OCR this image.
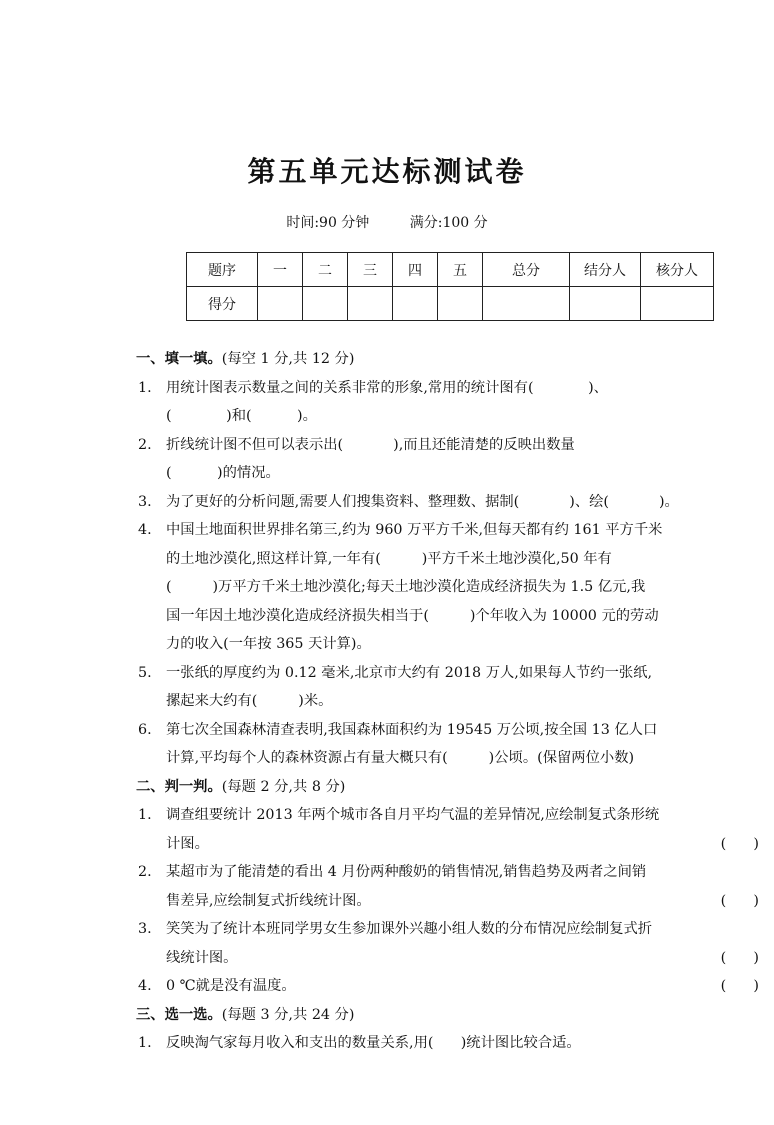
第五单元达标测试卷
时间:90 分钟	满分:100 分
题序	一	二	三	四	五	总分	结分人	核分人
得分								
一、填一填。(每空 1 分,共 12 分)
1. 用统计图表示数量之间的关系非常的形象,常用的统计图有(            )、
(            )和(          )。
2. 折线统计图不但可以表示出(           ),而且还能清楚的反映出数量
(          )的情况。
3. 为了更好的分析问题,需要人们搜集资料、整理数、据制(           )、绘(           )。
4. 中国土地面积世界排名第三,约为 960 万平方千米,但每天都有约 161 平方千米
的土地沙漠化,照这样计算,一年有(         )平方千米土地沙漠化,50 年有
(         )万平方千米土地沙漠化;每天土地沙漠化造成经济损失为 1.5 亿元,我
国一年因土地沙漠化造成经济损失相当于(         )个年收入为 10000 元的劳动
力的收入(一年按 365 天计算)。
5. 一张纸的厚度约为 0.12 毫米,北京市大约有 2018 万人,如果每人节约一张纸,
摞起来大约有(         )米。
6. 第七次全国森林清查表明,我国森林面积约为 19545 万公顷,按全国 13 亿人口
计算,平均每个人的森林资源占有量大概只有(         )公顷。(保留两位小数)
二、判一判。(每题 2 分,共 8 分)
1. 调查组要统计 2013 年两个城市各自月平均气温的差异情况,应绘制复式条形统
计图。	(      )
2. 某超市为了能清楚的看出 4 月份两种酸奶的销售情况,销售趋势及两者之间销
售差异,应绘制复式折线统计图。	(      )
3. 笑笑为了统计本班同学男女生参加课外兴趣小组人数的分布情况应绘制复式折
线统计图。	(      )
4. 0 ℃就是没有温度。	(      )
三、选一选。(每题 3 分,共 24 分)
1. 反映淘气家每月收入和支出的数量关系,用(      )统计图比较合适。
